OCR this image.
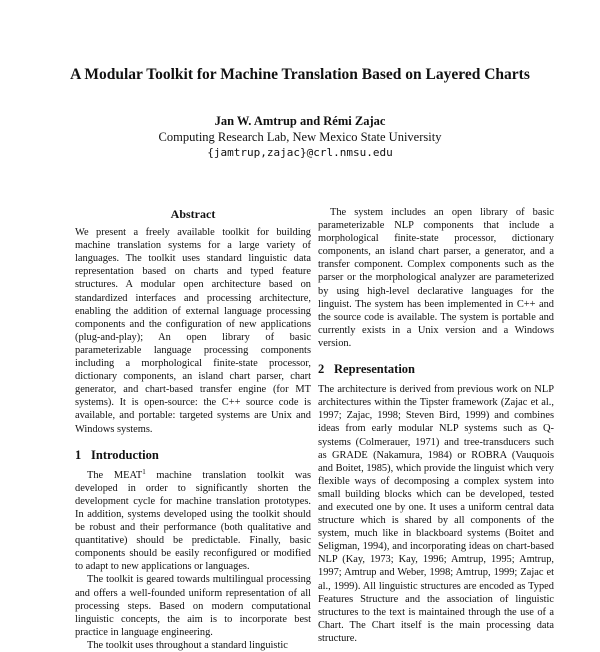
A Modular Toolkit for Machine Translation Based on Layered Charts
Jan W. Amtrup and Rémi Zajac
Computing Research Lab, New Mexico State University
{jamtrup,zajac}@crl.nmsu.edu
Abstract

We present a freely available toolkit for building machine translation systems for a large variety of languages. The toolkit uses standard linguistic data representation based on charts and typed feature structures. A modular open architecture based on standardized interfaces and processing architecture, enabling the addition of external language processing components and the configuration of new applications (plug-and-play); An open library of basic parameterizable language processing components including a morphological finite-state processor, dictionary components, an island chart parser, chart generator, and chart-based transfer engine (for MT systems). It is open-source: the C++ source code is available, and portable: targeted systems are Unix and Windows systems.

1 Introduction

The MEAT$^1$ machine translation toolkit was developed in order to significantly shorten the development cycle for machine translation prototypes. In addition, systems developed using the toolkit should be robust and their performance (both qualitative and quantitative) should be predictable. Finally, basic components should be easily reconfigured or modified to adapt to new applications or languages.

The toolkit is geared towards multilingual processing and offers a well-founded uniform representation of all processing steps. Based on modern computational linguistic concepts, the aim is to incorporate best practice in language engineering.

The toolkit uses throughout a standard linguistic

The system includes an open library of basic parameterizable NLP components that include a morphological finite-state processor, dictionary components, an island chart parser, a generator, and a transfer component. Complex components such as the parser or the morphological analyzer are parameterized by using high-level declarative languages for the linguist. The system has been implemented in C++ and the source code is available. The system is portable and currently exists in a Unix version and a Windows version.

2 Representation

The architecture is derived from previous work on NLP architectures within the Tipster framework (Zajac et al., 1997; Zajac, 1998; Steven Bird, 1999) and combines ideas from early modular NLP systems such as Q-systems (Colmerauer, 1971) and tree-transducers such as GRADE (Nakamura, 1984) or ROBRA (Vauquois and Boitet, 1985), which provide the linguist which very flexible ways of decomposing a complex system into small building blocks which can be developed, tested and executed one by one. It uses a uniform central data structure which is shared by all components of the system, much like in blackboard systems (Boitet and Seligman, 1994), and incorporating ideas on chart-based NLP (Kay, 1973; Kay, 1996; Amtrup, 1995; Amtrup, 1997; Amtrup and Weber, 1998; Amtrup, 1999; Zajac et al., 1999). All linguistic structures are encoded as Typed Features Structure and the association of linguistic structures to the text is maintained through the use of a Chart. The Chart itself is the main processing data structure.
